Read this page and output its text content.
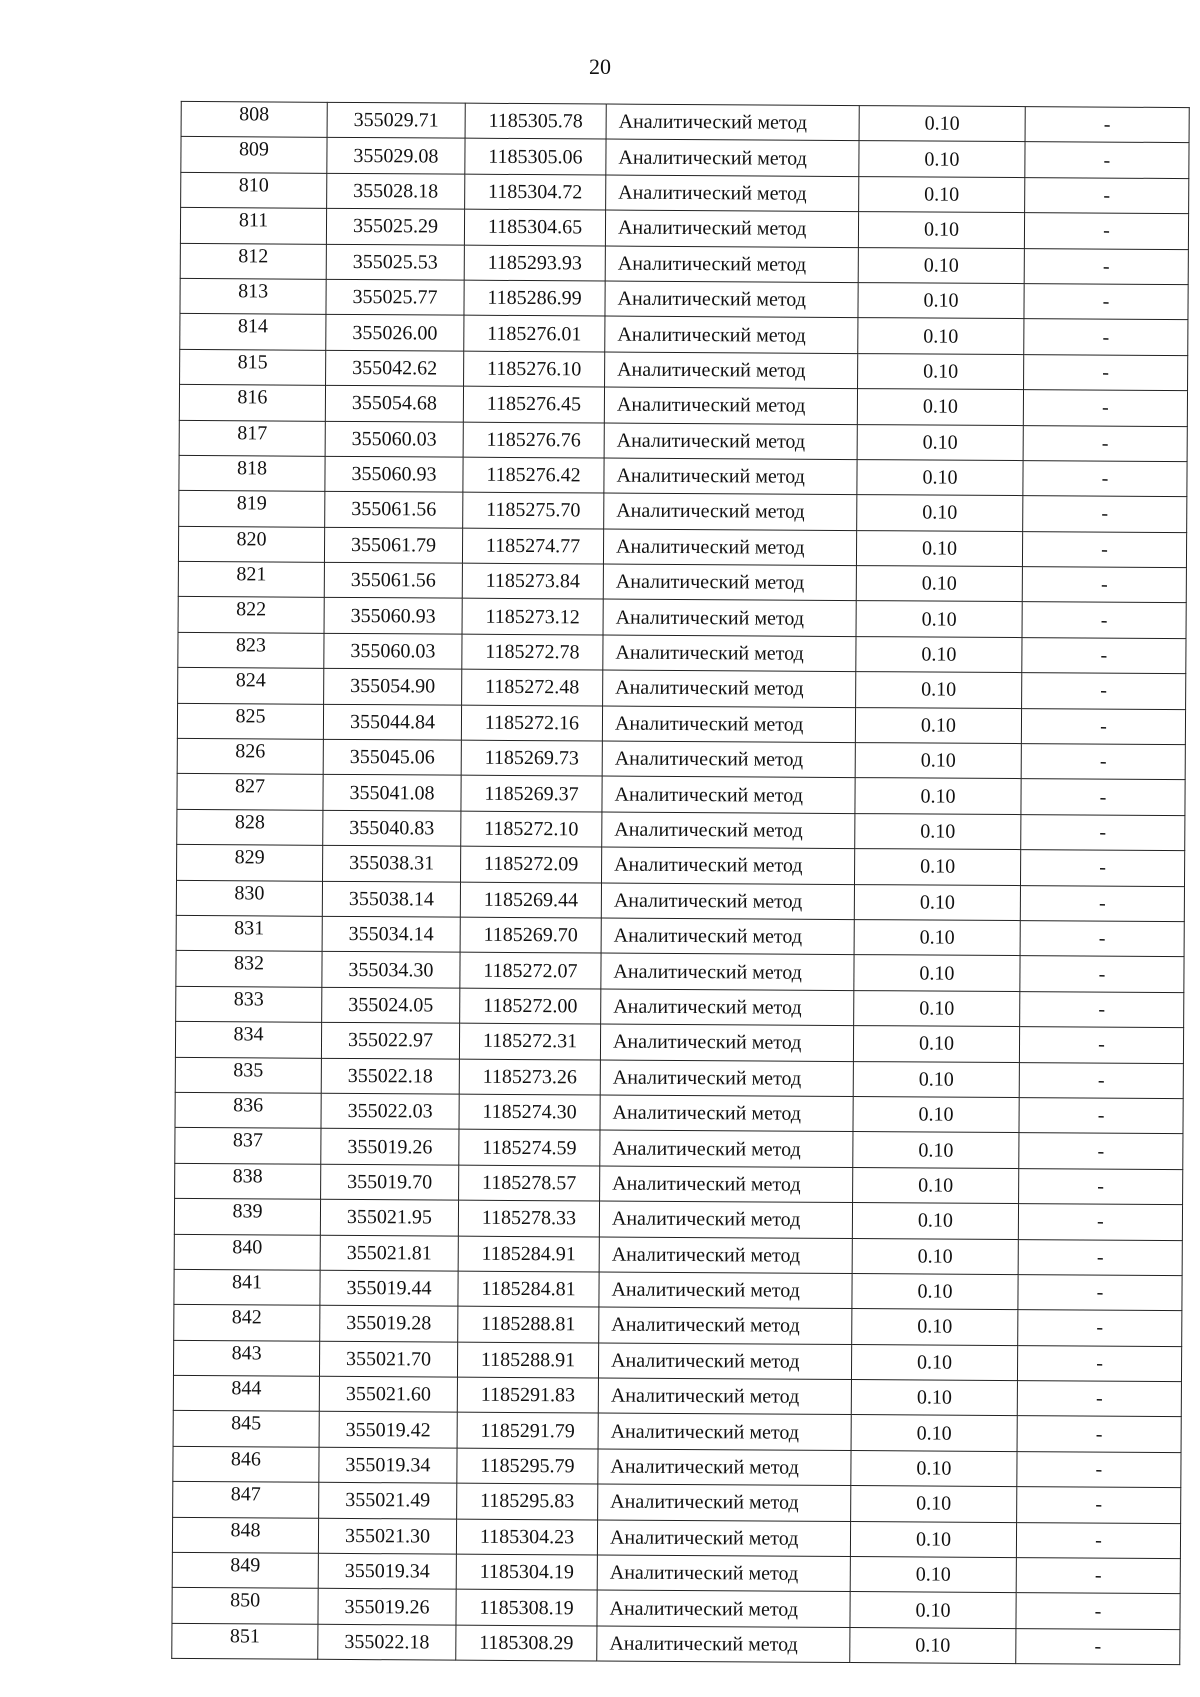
20
808	355029.71	1185305.78	Аналитический метод	0.10	-
809	355029.08	1185305.06	Аналитический метод	0.10	-
810	355028.18	1185304.72	Аналитический метод	0.10	-
811	355025.29	1185304.65	Аналитический метод	0.10	-
812	355025.53	1185293.93	Аналитический метод	0.10	-
813	355025.77	1185286.99	Аналитический метод	0.10	-
814	355026.00	1185276.01	Аналитический метод	0.10	-
815	355042.62	1185276.10	Аналитический метод	0.10	-
816	355054.68	1185276.45	Аналитический метод	0.10	-
817	355060.03	1185276.76	Аналитический метод	0.10	-
818	355060.93	1185276.42	Аналитический метод	0.10	-
819	355061.56	1185275.70	Аналитический метод	0.10	-
820	355061.79	1185274.77	Аналитический метод	0.10	-
821	355061.56	1185273.84	Аналитический метод	0.10	-
822	355060.93	1185273.12	Аналитический метод	0.10	-
823	355060.03	1185272.78	Аналитический метод	0.10	-
824	355054.90	1185272.48	Аналитический метод	0.10	-
825	355044.84	1185272.16	Аналитический метод	0.10	-
826	355045.06	1185269.73	Аналитический метод	0.10	-
827	355041.08	1185269.37	Аналитический метод	0.10	-
828	355040.83	1185272.10	Аналитический метод	0.10	-
829	355038.31	1185272.09	Аналитический метод	0.10	-
830	355038.14	1185269.44	Аналитический метод	0.10	-
831	355034.14	1185269.70	Аналитический метод	0.10	-
832	355034.30	1185272.07	Аналитический метод	0.10	-
833	355024.05	1185272.00	Аналитический метод	0.10	-
834	355022.97	1185272.31	Аналитический метод	0.10	-
835	355022.18	1185273.26	Аналитический метод	0.10	-
836	355022.03	1185274.30	Аналитический метод	0.10	-
837	355019.26	1185274.59	Аналитический метод	0.10	-
838	355019.70	1185278.57	Аналитический метод	0.10	-
839	355021.95	1185278.33	Аналитический метод	0.10	-
840	355021.81	1185284.91	Аналитический метод	0.10	-
841	355019.44	1185284.81	Аналитический метод	0.10	-
842	355019.28	1185288.81	Аналитический метод	0.10	-
843	355021.70	1185288.91	Аналитический метод	0.10	-
844	355021.60	1185291.83	Аналитический метод	0.10	-
845	355019.42	1185291.79	Аналитический метод	0.10	-
846	355019.34	1185295.79	Аналитический метод	0.10	-
847	355021.49	1185295.83	Аналитический метод	0.10	-
848	355021.30	1185304.23	Аналитический метод	0.10	-
849	355019.34	1185304.19	Аналитический метод	0.10	-
850	355019.26	1185308.19	Аналитический метод	0.10	-
851	355022.18	1185308.29	Аналитический метод	0.10	-
